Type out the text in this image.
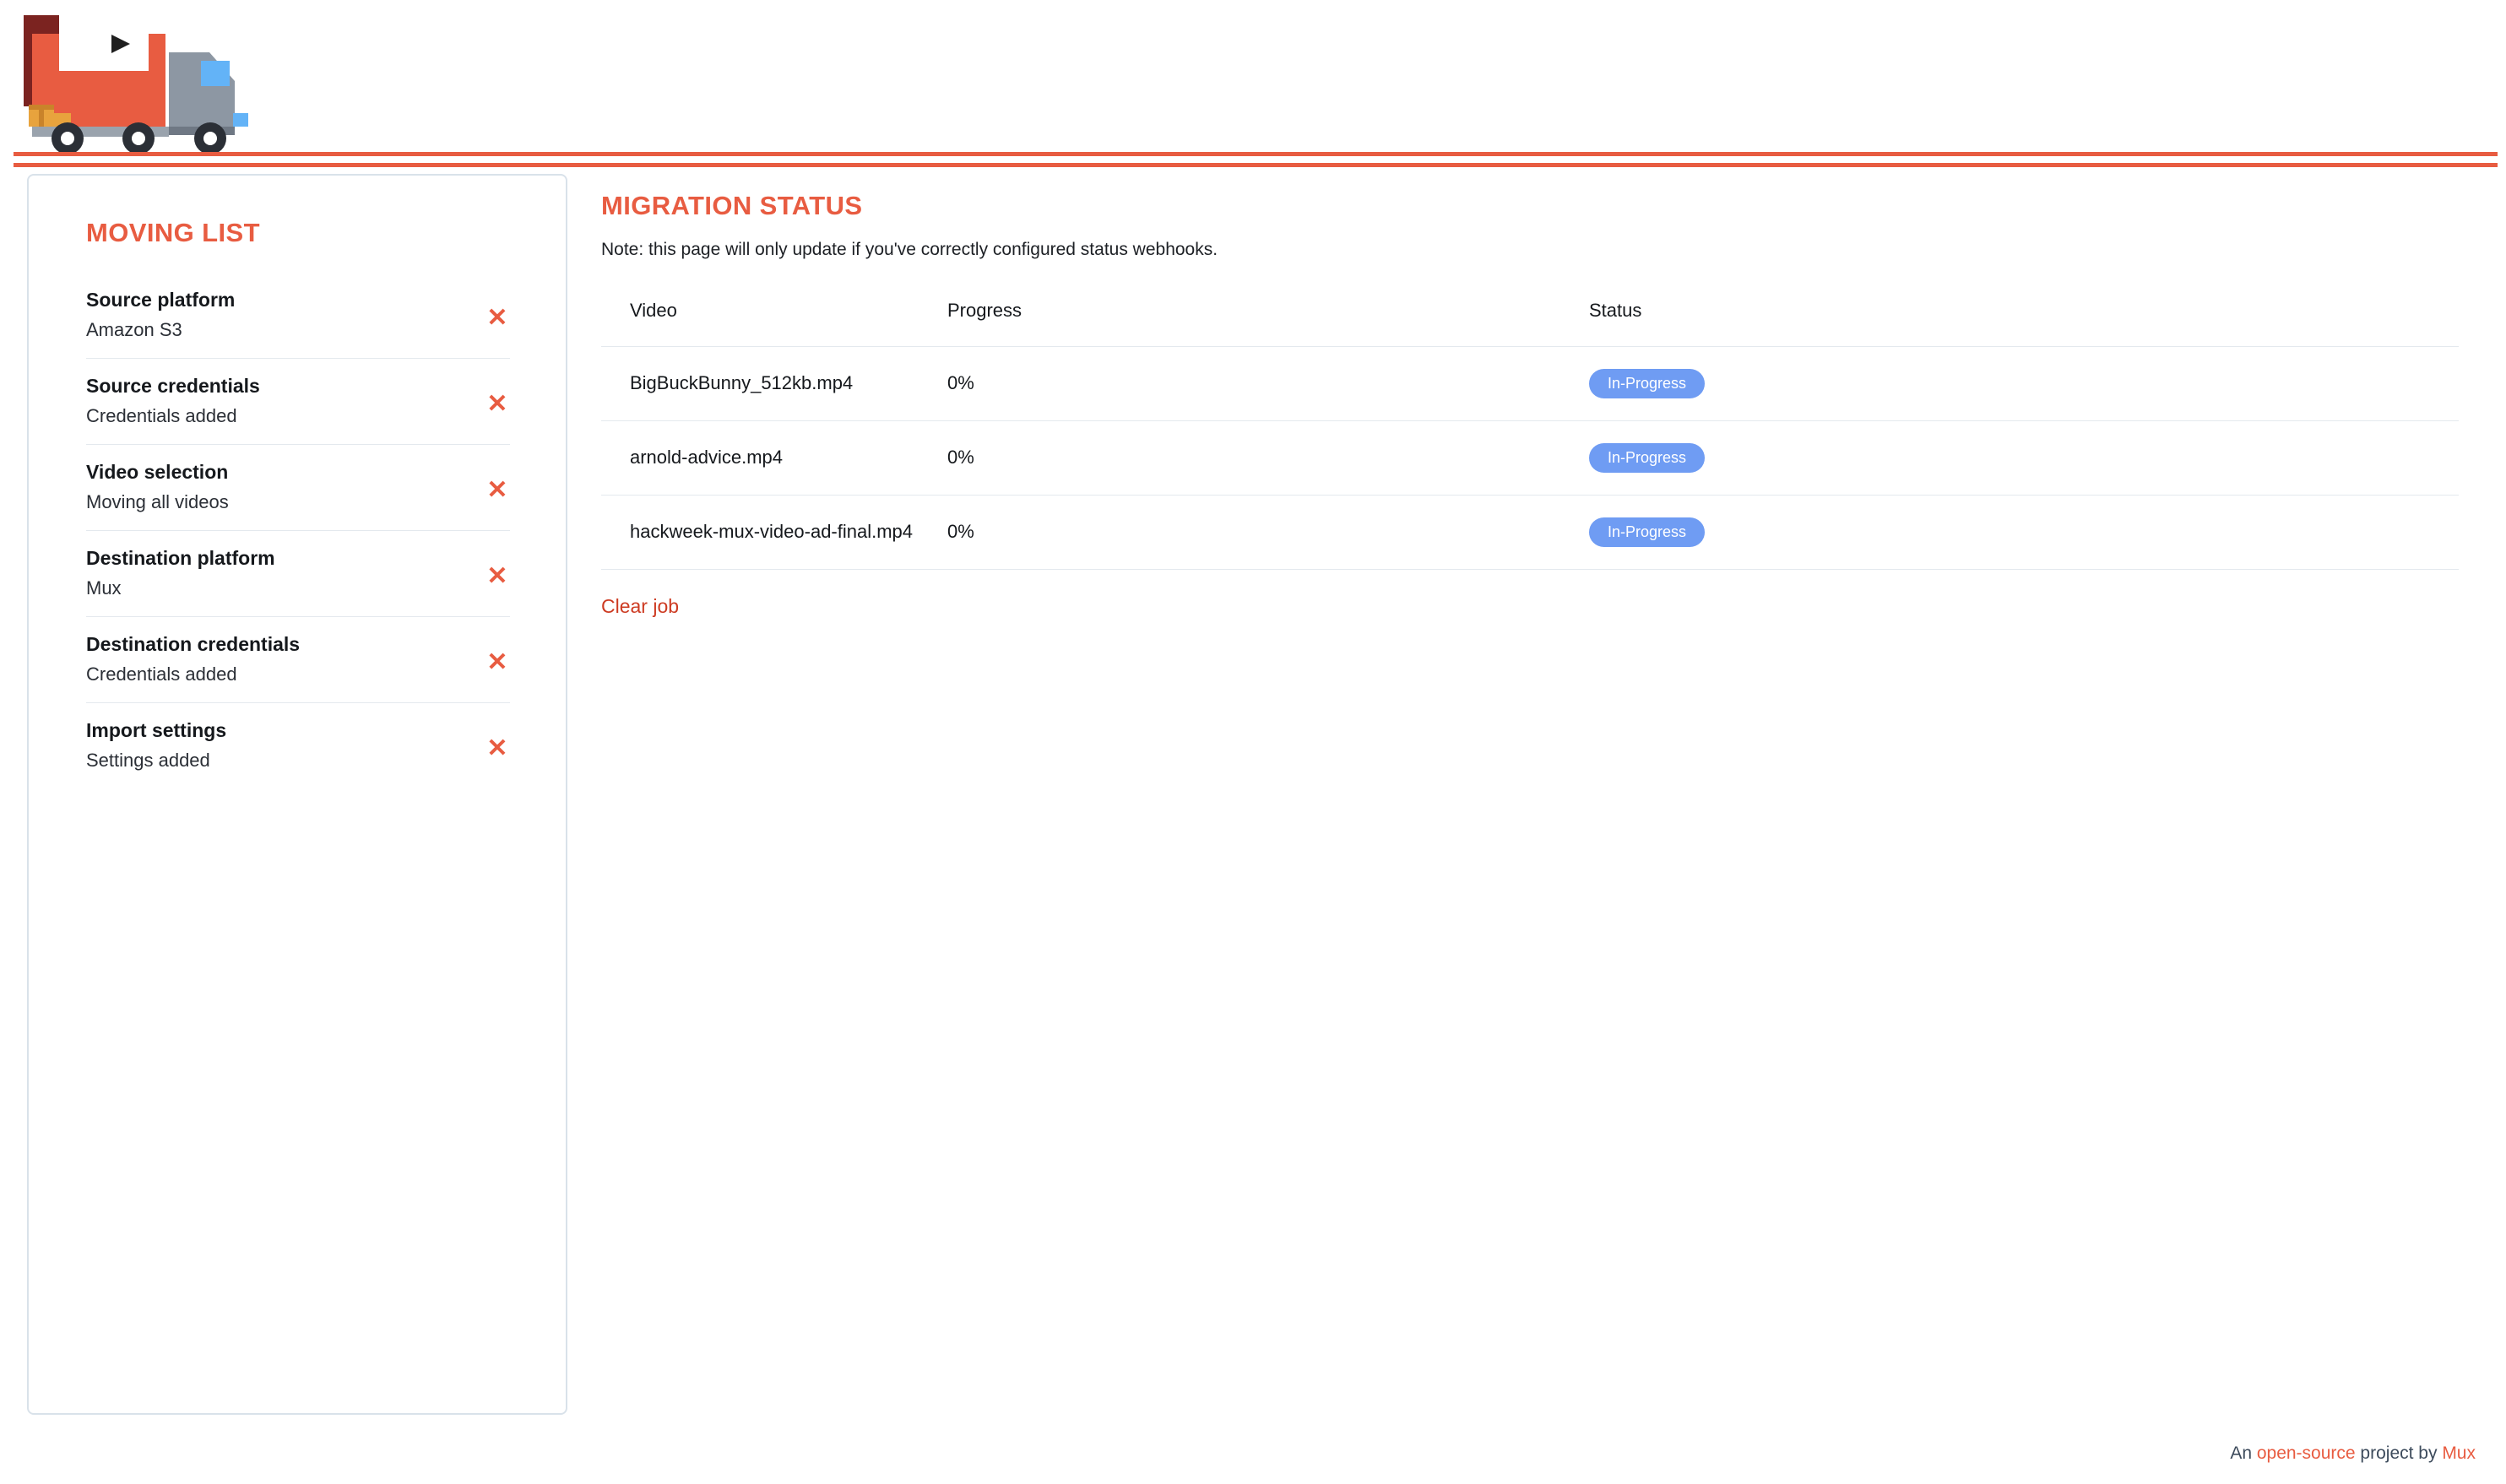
MOVING LIST
Source platform
Amazon S3	✕
Source credentials
Credentials added	✕
Video selection
Moving all videos	✕
Destination platform
Mux	✕
Destination credentials
Credentials added	✕
Import settings
Settings added	✕
MIGRATION STATUS

Note: this page will only update if you've correctly configured status webhooks.

Video	Progress	Status
BigBuckBunny_512kb.mp4	0%	In-Progress
arnold-advice.mp4	0%	In-Progress
hackweek-mux-video-ad-final.mp4	0%	In-Progress
Clear job
An open-source project by Mux
